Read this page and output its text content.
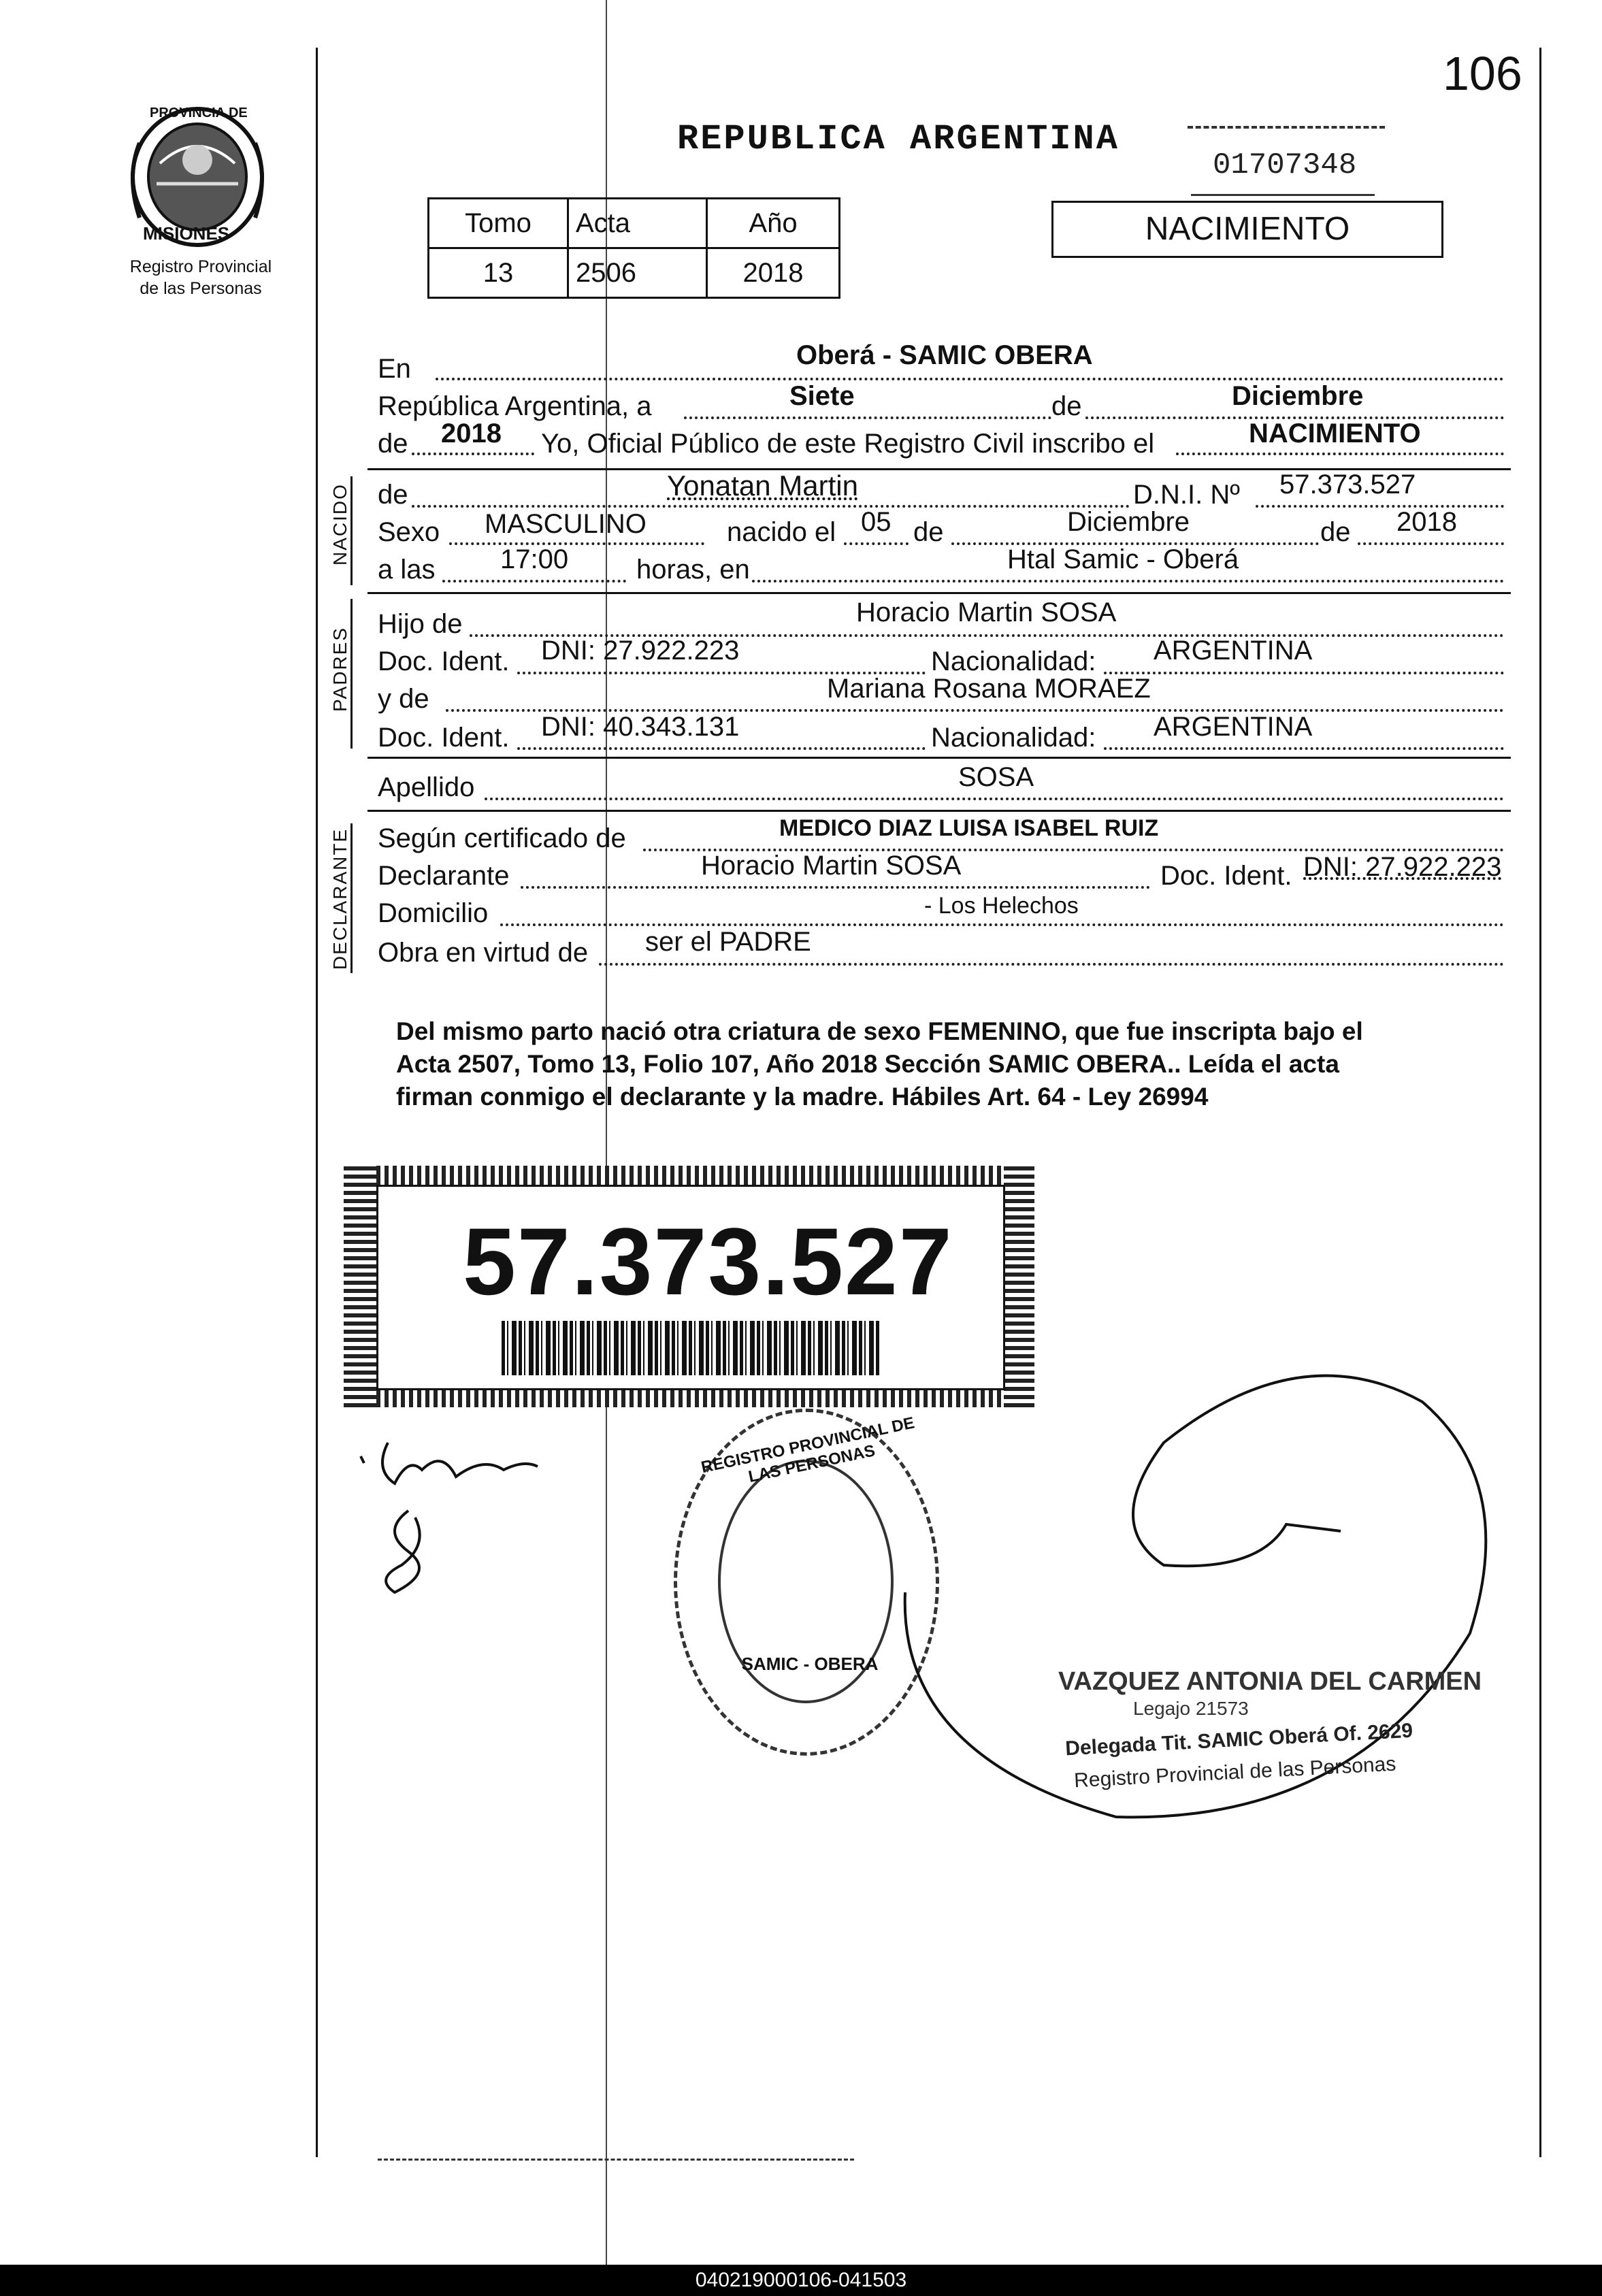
106
PROVINCIA DE
MISIONES
Registro Provincial
de las Personas
REPUBLICA ARGENTINA
01707348
Tomo	Acta	Año
13	2506	2018
NACIMIENTO
En	Oberá - SAMIC OBERA
República Argentina, a	Siete	de	Diciembre
de 2018 Yo, Oficial Público de este Registro Civil inscribo el	NACIMIENTO
NACIDO de	Yonatan Martin	D.N.I. Nº 57.373.527
Sexo MASCULINO	nacido el 05 de	Diciembre	de 2018
a las 17:00 horas, en	Htal Samic - Oberá
PADRES
Hijo de	Horacio Martin SOSA
Doc. Ident. DNI: 27.922.223	Nacionalidad: ARGENTINA
y de	Mariana Rosana MORAEZ
Doc. Ident. DNI: 40.343.131	Nacionalidad: ARGENTINA
Apellido	SOSA
DECLARANTE Según certificado de	MEDICO DIAZ LUISA ISABEL RUIZ
Declarante	Horacio Martin SOSA	Doc. Ident. DNI: 27.922.223
Domicilio	- Los Helechos
Obra en virtud de ser el PADRE
Del mismo parto nació otra criatura de sexo FEMENINO, que fue inscripta bajo el
Acta 2507, Tomo 13, Folio 107, Año 2018 Sección SAMIC OBERA.. Leída el acta
firman conmigo el declarante y la madre. Hábiles Art. 64 - Ley 26994
57.373.527
REGISTRO PROVINCIAL DE LAS PERSONAS
SAMIC - OBERA
VAZQUEZ ANTONIA DEL CARMEN
Legajo 21573
Delegada Tit. SAMIC Oberá Of. 2629
Registro Provincial de las Personas
040219000106-041503
